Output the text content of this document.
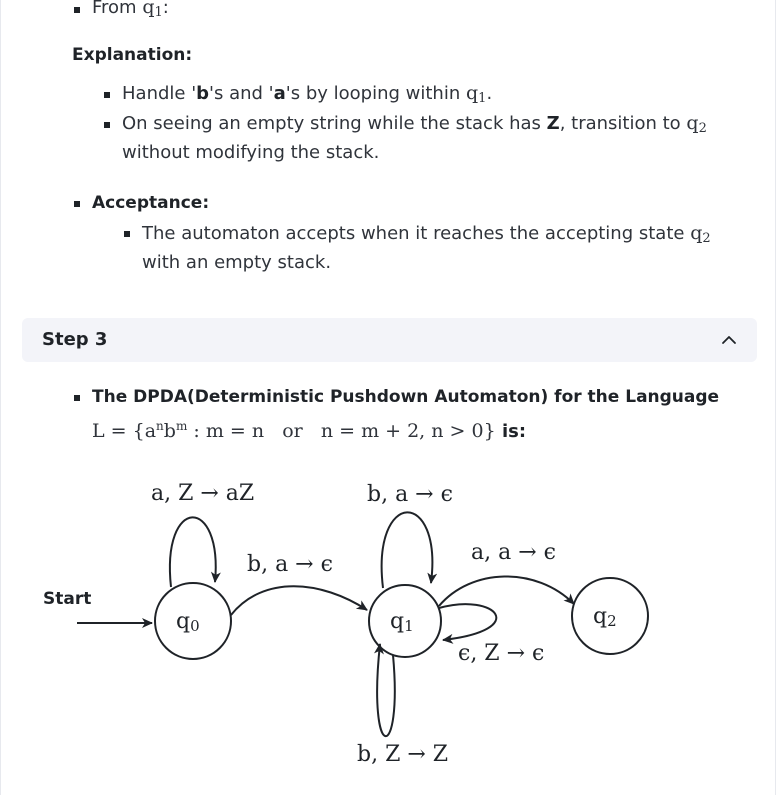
From $q_1$:
Explanation:
Handle 'b's and 'a's by looping within $q_1$.
On seeing an empty string while the stack has Z, transition to $q_2$
without modifying the stack.
Acceptance:
The automaton accepts when it reaches the accepting state $q_2$
with an empty stack.
Step 3
The DPDA(Deterministic Pushdown Automaton) for the Language
$L = \{a^nb^m$ : m = n   or   n = m + 2, n > 0} is:
Start
q0	q1	q2
a, Z → aZ
b, a → ϵ
b, a → ϵ
a, a → ϵ
ϵ, Z → ϵ
b, Z → Z
